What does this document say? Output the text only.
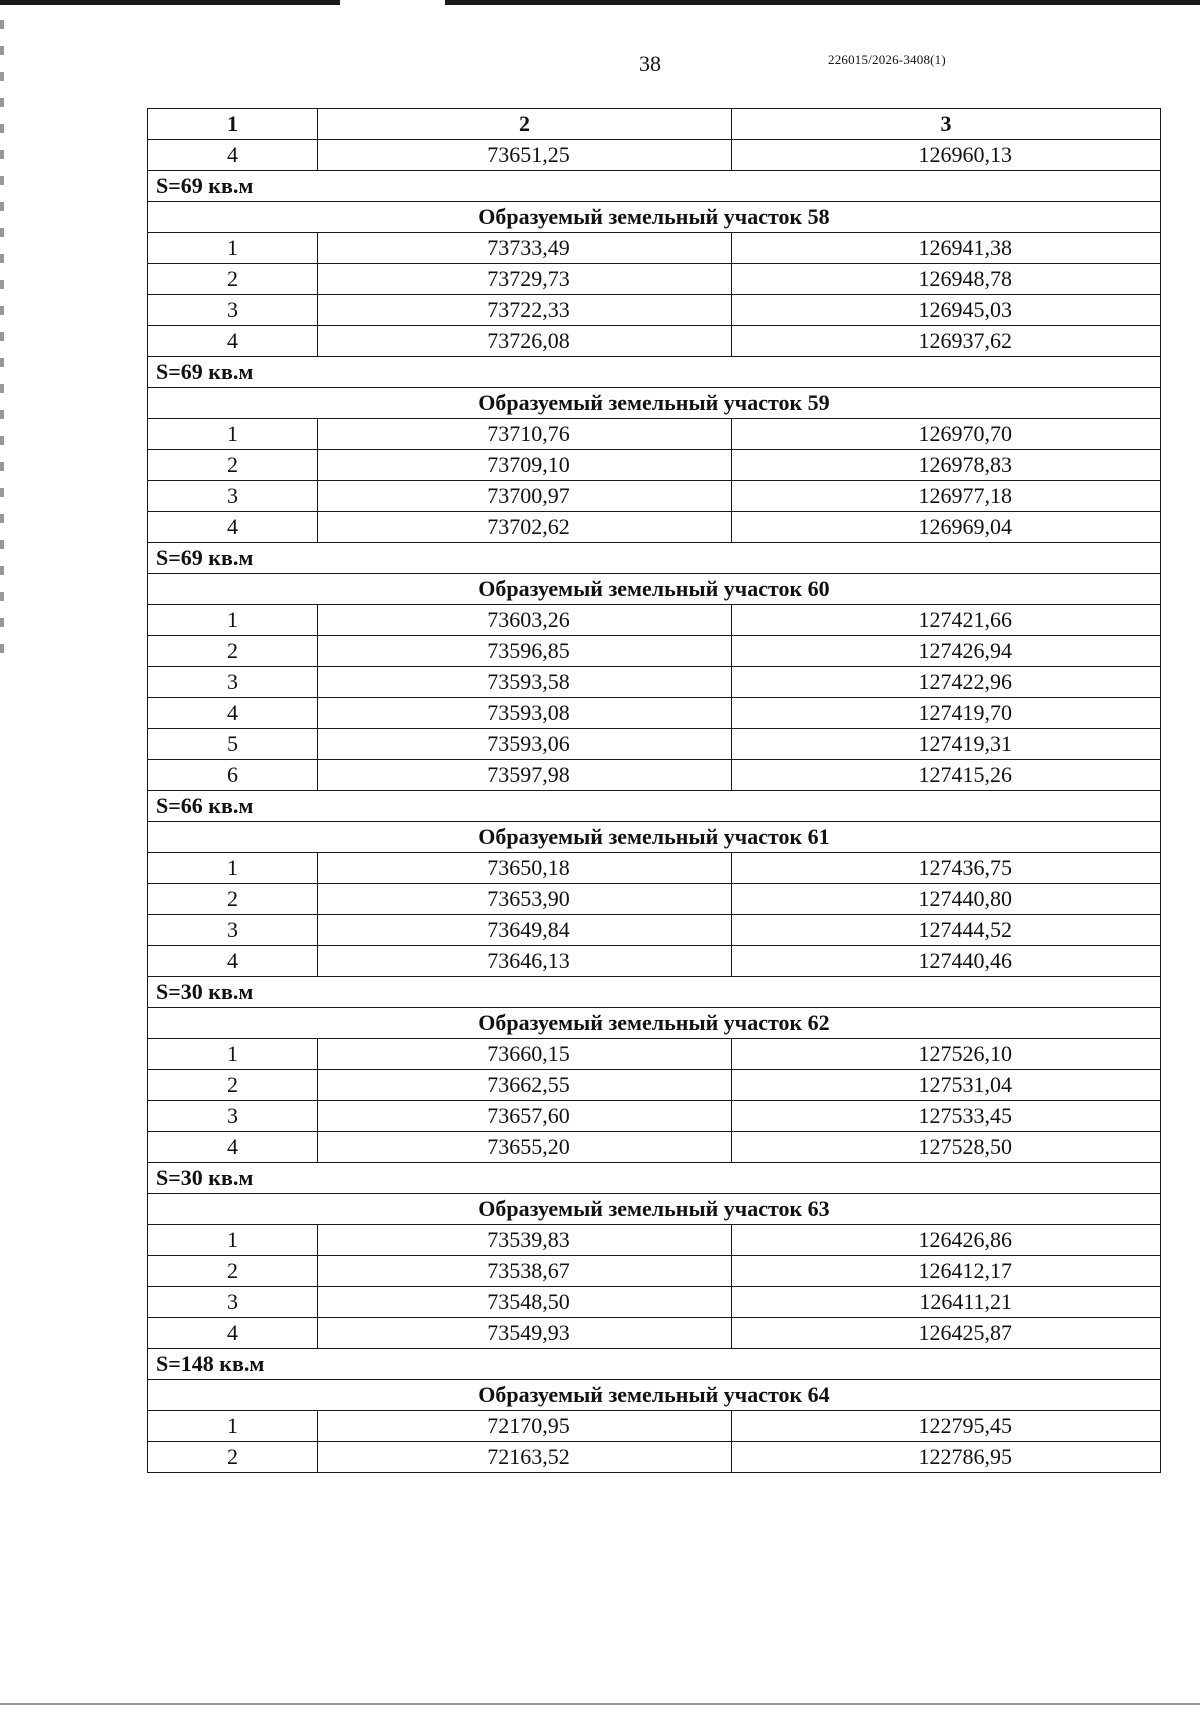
38	226015/2026-3408(1)
1	2	3
4	73651,25	126960,13
S=69 кв.м		
Образуемый земельный участок 58		
1	73733,49	126941,38
2	73729,73	126948,78
3	73722,33	126945,03
4	73726,08	126937,62
S=69 кв.м		
Образуемый земельный участок 59		
1	73710,76	126970,70
2	73709,10	126978,83
3	73700,97	126977,18
4	73702,62	126969,04
S=69 кв.м		
Образуемый земельный участок 60		
1	73603,26	127421,66
2	73596,85	127426,94
3	73593,58	127422,96
4	73593,08	127419,70
5	73593,06	127419,31
6	73597,98	127415,26
S=66 кв.м		
Образуемый земельный участок 61		
1	73650,18	127436,75
2	73653,90	127440,80
3	73649,84	127444,52
4	73646,13	127440,46
S=30 кв.м		
Образуемый земельный участок 62		
1	73660,15	127526,10
2	73662,55	127531,04
3	73657,60	127533,45
4	73655,20	127528,50
S=30 кв.м		
Образуемый земельный участок 63		
1	73539,83	126426,86
2	73538,67	126412,17
3	73548,50	126411,21
4	73549,93	126425,87
S=148 кв.м		
Образуемый земельный участок 64		
1	72170,95	122795,45
2	72163,52	122786,95
